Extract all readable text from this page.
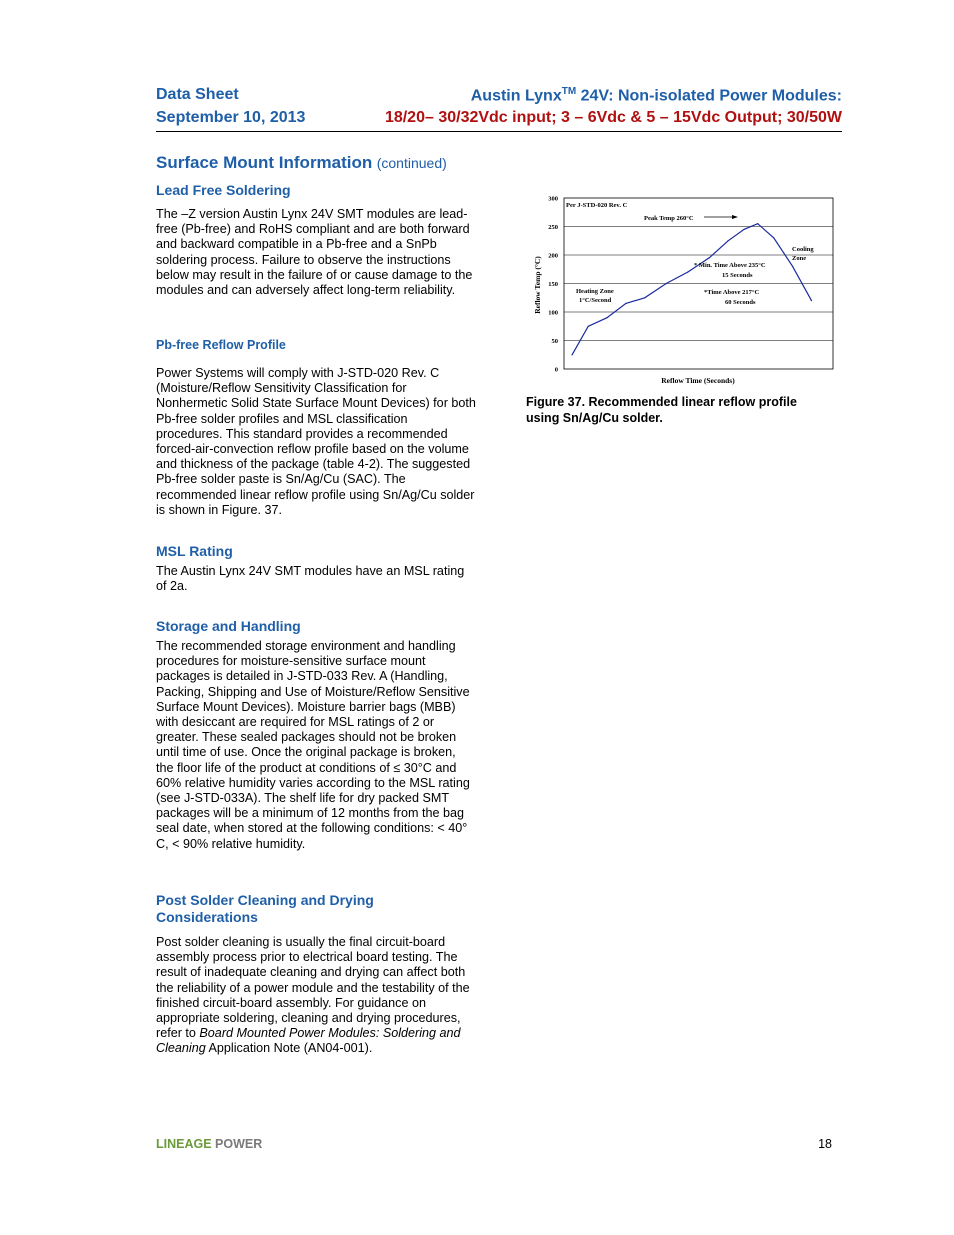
Data Sheet
September 10, 2013
Austin Lynx™ 24V: Non-isolated Power Modules:
18/20– 30/32Vdc input; 3 – 6Vdc & 5 – 15Vdc Output; 30/50W
Surface Mount Information (continued)
Lead Free Soldering
The –Z version Austin Lynx 24V SMT modules are lead-free (Pb-free) and RoHS compliant and are both forward and backward compatible in a Pb-free and a SnPb soldering process. Failure to observe the instructions below may result in the failure of or cause damage to the modules and can adversely affect long-term reliability.
Pb-free Reflow Profile
Power Systems will comply with J-STD-020 Rev. C (Moisture/Reflow Sensitivity Classification for Nonhermetic Solid State Surface Mount Devices) for both Pb-free solder profiles and MSL classification procedures. This standard provides a recommended forced-air-convection reflow profile based on the volume and thickness of the package (table 4-2). The suggested Pb-free solder paste is Sn/Ag/Cu (SAC). The recommended linear reflow profile using Sn/Ag/Cu solder is shown in Figure. 37.
MSL Rating
The Austin Lynx 24V SMT modules have an MSL rating of 2a.
Storage and Handling
The recommended storage environment and handling procedures for moisture-sensitive surface mount packages is detailed in J-STD-033 Rev. A (Handling, Packing, Shipping and Use of Moisture/Reflow Sensitive Surface Mount Devices). Moisture barrier bags (MBB) with desiccant are required for MSL ratings of 2 or greater. These sealed packages should not be broken until time of use. Once the original package is broken, the floor life of the product at conditions of ≤ 30°C and 60% relative humidity varies according to the MSL rating (see J-STD-033A). The shelf life for dry packed SMT packages will be a minimum of 12 months from the bag seal date, when stored at the following conditions: < 40° C, < 90% relative humidity.
Post Solder Cleaning and Drying
Considerations
Post solder cleaning is usually the final circuit-board assembly process prior to electrical board testing. The result of inadequate cleaning and drying can affect both the reliability of a power module and the testability of the finished circuit-board assembly. For guidance on appropriate soldering, cleaning and drying procedures, refer to Board Mounted Power Modules: Soldering and Cleaning Application Note (AN04-001).
0
50
100
150
200
250
300
Per J-STD-020 Rev. C
Peak Temp 260°C
Cooling
Zone
* Min. Time Above 235°C
15 Seconds
Heating Zone
1°C/Second
*Time Above 217°C
60 Seconds
Reflow Time (Seconds)
Reflow Temp (°C)
Figure 37. Recommended linear reflow profile
using Sn/Ag/Cu solder.
LINEAGE POWER	18
